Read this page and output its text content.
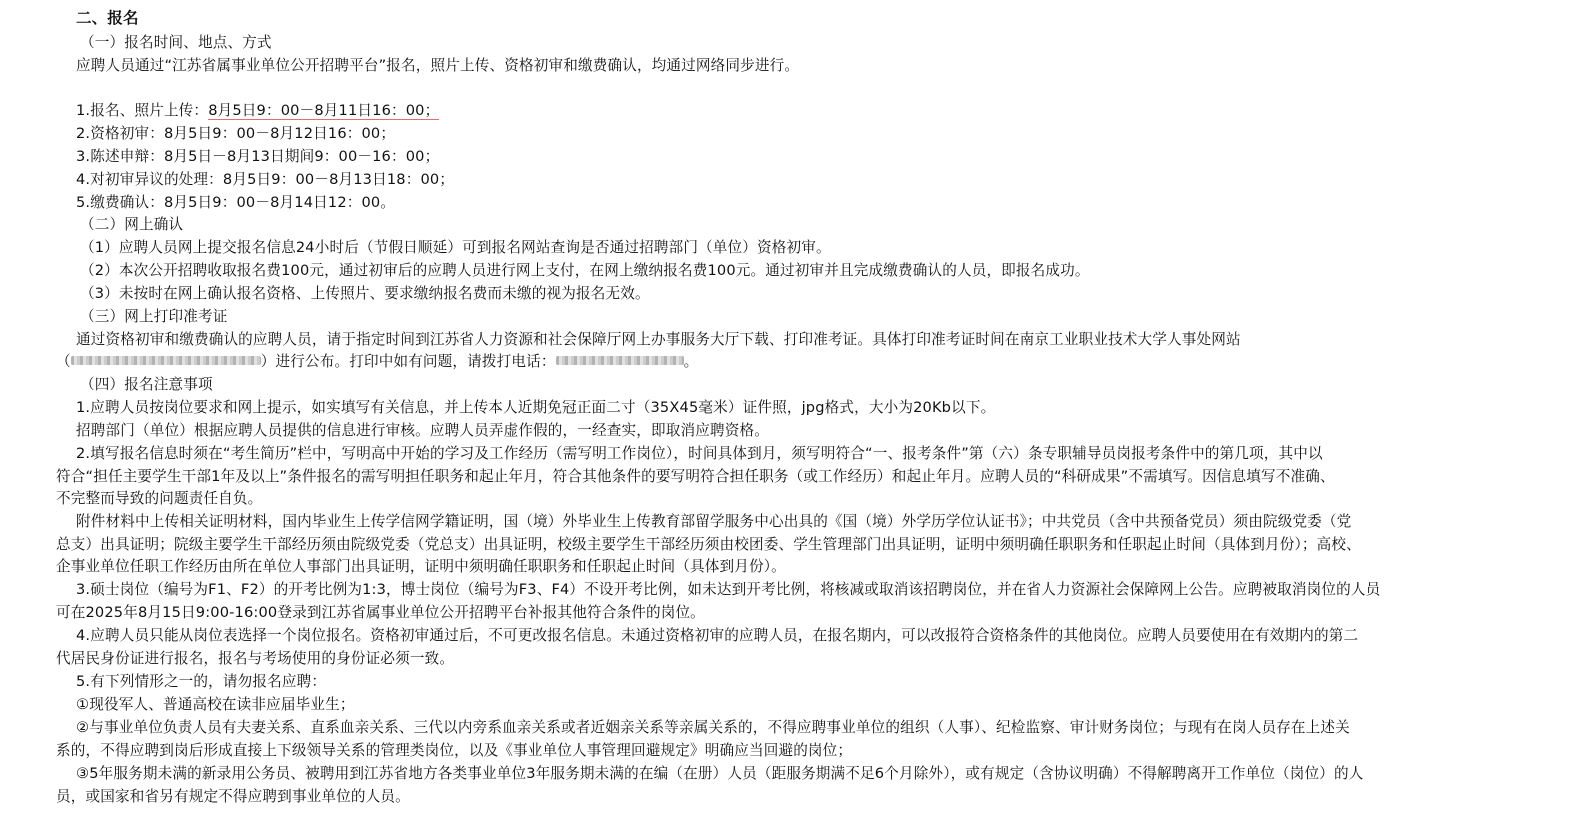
二、报名
（一）报名时间、地点、方式
应聘人员通过“江苏省属事业单位公开招聘平台”报名，照片上传、资格初审和缴费确认，均通过网络同步进行。
1.报名、照片上传：8月5日9：00－8月11日16：00；
2.资格初审：8月5日9：00－8月12日16：00；
3.陈述申辩：8月5日－8月13日期间9：00－16：00；
4.对初审异议的处理：8月5日9：00－8月13日18：00；
5.缴费确认：8月5日9：00－8月14日12：00。
（二）网上确认
（1）应聘人员网上提交报名信息24小时后（节假日顺延）可到报名网站查询是否通过招聘部门（单位）资格初审。
（2）本次公开招聘收取报名费100元，通过初审后的应聘人员进行网上支付，在网上缴纳报名费100元。通过初审并且完成缴费确认的人员，即报名成功。
（3）未按时在网上确认报名资格、上传照片、要求缴纳报名费而未缴的视为报名无效。
（三）网上打印准考证
通过资格初审和缴费确认的应聘人员，请于指定时间到江苏省人力资源和社会保障厅网上办事服务大厅下载、打印准考证。具体打印准考证时间在南京工业职业技术大学人事处网站
（	）进行公布。打印中如有问题，请拨打电话：	。
（四）报名注意事项
1.应聘人员按岗位要求和网上提示，如实填写有关信息，并上传本人近期免冠正面二寸（35X45毫米）证件照，jpg格式，大小为20Kb以下。
招聘部门（单位）根据应聘人员提供的信息进行审核。应聘人员弄虚作假的，一经查实，即取消应聘资格。
2.填写报名信息时须在“考生简历”栏中，写明高中开始的学习及工作经历（需写明工作岗位），时间具体到月，须写明符合“一、报考条件”第（六）条专职辅导员岗报考条件中的第几项，其中以
符合“担任主要学生干部1年及以上”条件报名的需写明担任职务和起止年月，符合其他条件的要写明符合担任职务（或工作经历）和起止年月。应聘人员的“科研成果”不需填写。因信息填写不准确、
不完整而导致的问题责任自负。
附件材料中上传相关证明材料，国内毕业生上传学信网学籍证明，国（境）外毕业生上传教育部留学服务中心出具的《国（境）外学历学位认证书》；中共党员（含中共预备党员）须由院级党委（党
总支）出具证明；院级主要学生干部经历须由院级党委（党总支）出具证明，校级主要学生干部经历须由校团委、学生管理部门出具证明，证明中须明确任职职务和任职起止时间（具体到月份）；高校、
企事业单位任职工作经历由所在单位人事部门出具证明，证明中须明确任职职务和任职起止时间（具体到月份）。
3.硕士岗位（编号为F1、F2）的开考比例为1:3，博士岗位（编号为F3、F4）不设开考比例，如未达到开考比例，将核减或取消该招聘岗位，并在省人力资源社会保障网上公告。应聘被取消岗位的人员
可在2025年8月15日9:00-16:00登录到江苏省属事业单位公开招聘平台补报其他符合条件的岗位。
4.应聘人员只能从岗位表选择一个岗位报名。资格初审通过后，不可更改报名信息。未通过资格初审的应聘人员，在报名期内，可以改报符合资格条件的其他岗位。应聘人员要使用在有效期内的第二
代居民身份证进行报名，报名与考场使用的身份证必须一致。
5.有下列情形之一的，请勿报名应聘：
①现役军人、普通高校在读非应届毕业生；
②与事业单位负责人员有夫妻关系、直系血亲关系、三代以内旁系血亲关系或者近姻亲关系等亲属关系的，不得应聘事业单位的组织（人事）、纪检监察、审计财务岗位；与现有在岗人员存在上述关
系的，不得应聘到岗后形成直接上下级领导关系的管理类岗位，以及《事业单位人事管理回避规定》明确应当回避的岗位；
③5年服务期未满的新录用公务员、被聘用到江苏省地方各类事业单位3年服务期未满的在编（在册）人员（距服务期满不足6个月除外），或有规定（含协议明确）不得解聘离开工作单位（岗位）的人
员，或国家和省另有规定不得应聘到事业单位的人员。
